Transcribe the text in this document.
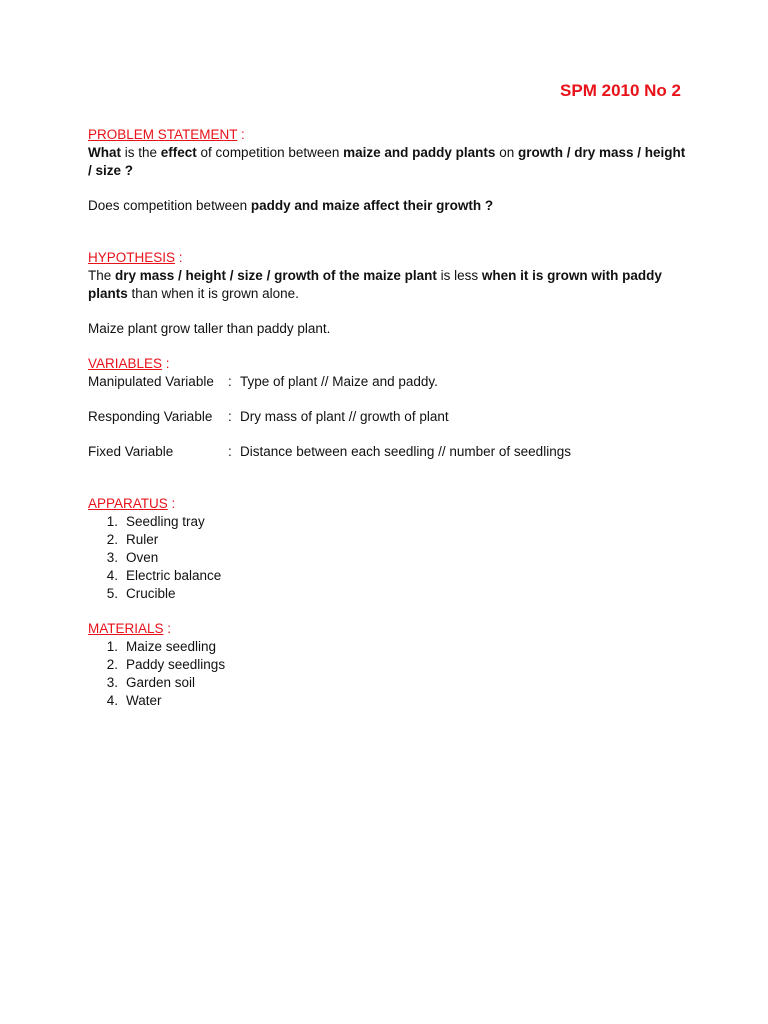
SPM 2010 No 2

PROBLEM STATEMENT :

What is the effect of competition between maize and paddy plants on growth / dry mass / height / size ?

Does competition between paddy and maize affect their growth ?

HYPOTHESIS :

The dry mass / height / size / growth of the maize plant is less when it is grown with paddy plants than when it is grown alone.

Maize plant grow taller than paddy plant.

VARIABLES :

Manipulated Variable	: Type of plant // Maize and paddy.
Responding Variable	: Dry mass of plant // growth of plant
Fixed Variable	: Distance between each seedling // number of seedlings

APPARATUS :

1. Seedling tray
2. Ruler
3. Oven
4. Electric balance
5. Crucible

MATERIALS :

1. Maize seedling
2. Paddy seedlings
3. Garden soil
4. Water
